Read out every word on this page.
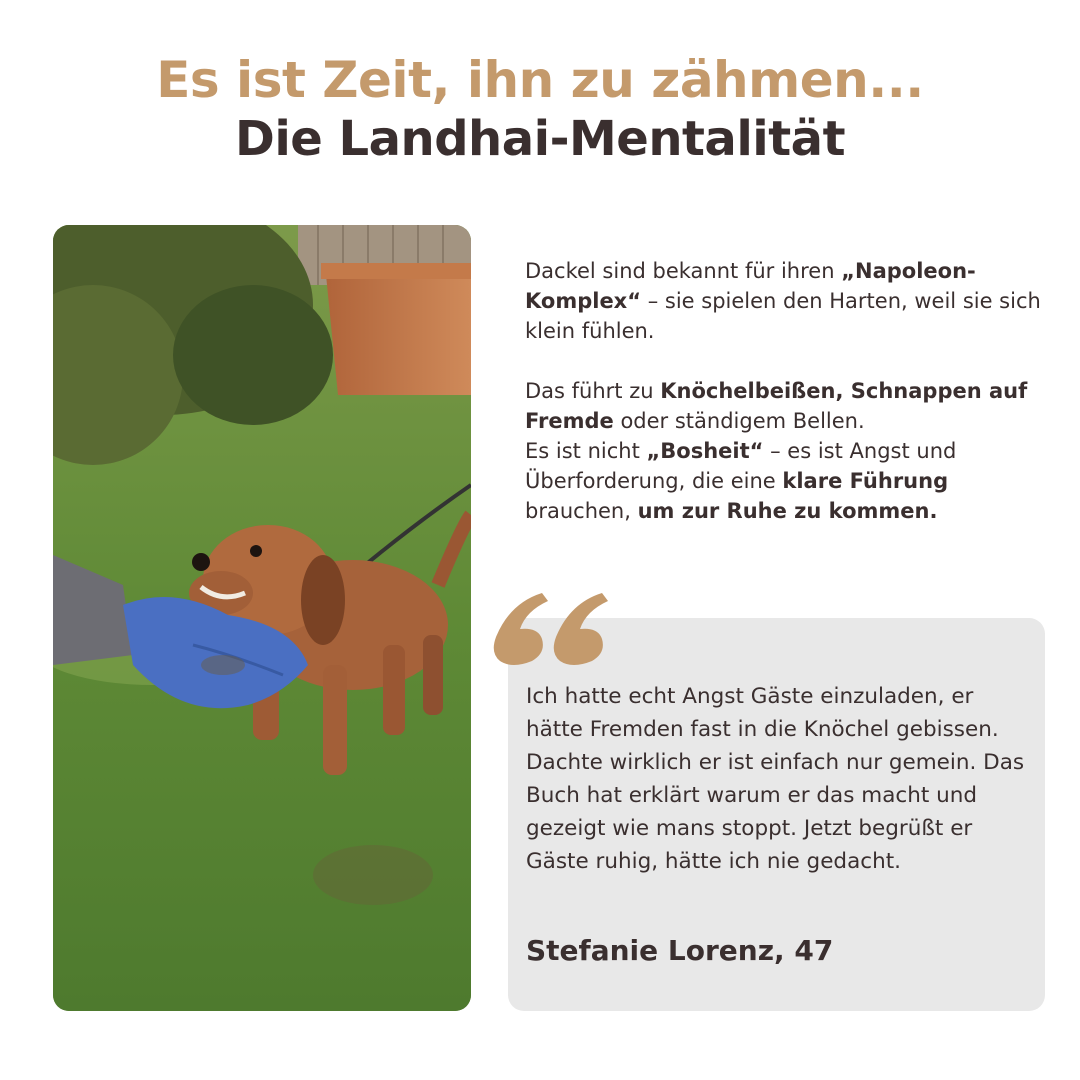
Es ist Zeit, ihn zu zähmen...
Die Landhai-Mentalität

Dackel sind bekannt für ihren „Napoleon-Komplex“ – sie spielen den Harten, weil sie sich klein fühlen.

Das führt zu Knöchelbeißen, Schnappen auf Fremde oder ständigem Bellen.
Es ist nicht „Bosheit“ – es ist Angst und Überforderung, die eine klare Führung brauchen, um zur Ruhe zu kommen.

Ich hatte echt Angst Gäste einzuladen, er hätte Fremden fast in die Knöchel gebissen. Dachte wirklich er ist einfach nur gemein. Das Buch hat erklärt warum er das macht und gezeigt wie mans stoppt. Jetzt begrüßt er Gäste ruhig, hätte ich nie gedacht.
Stefanie Lorenz, 47
